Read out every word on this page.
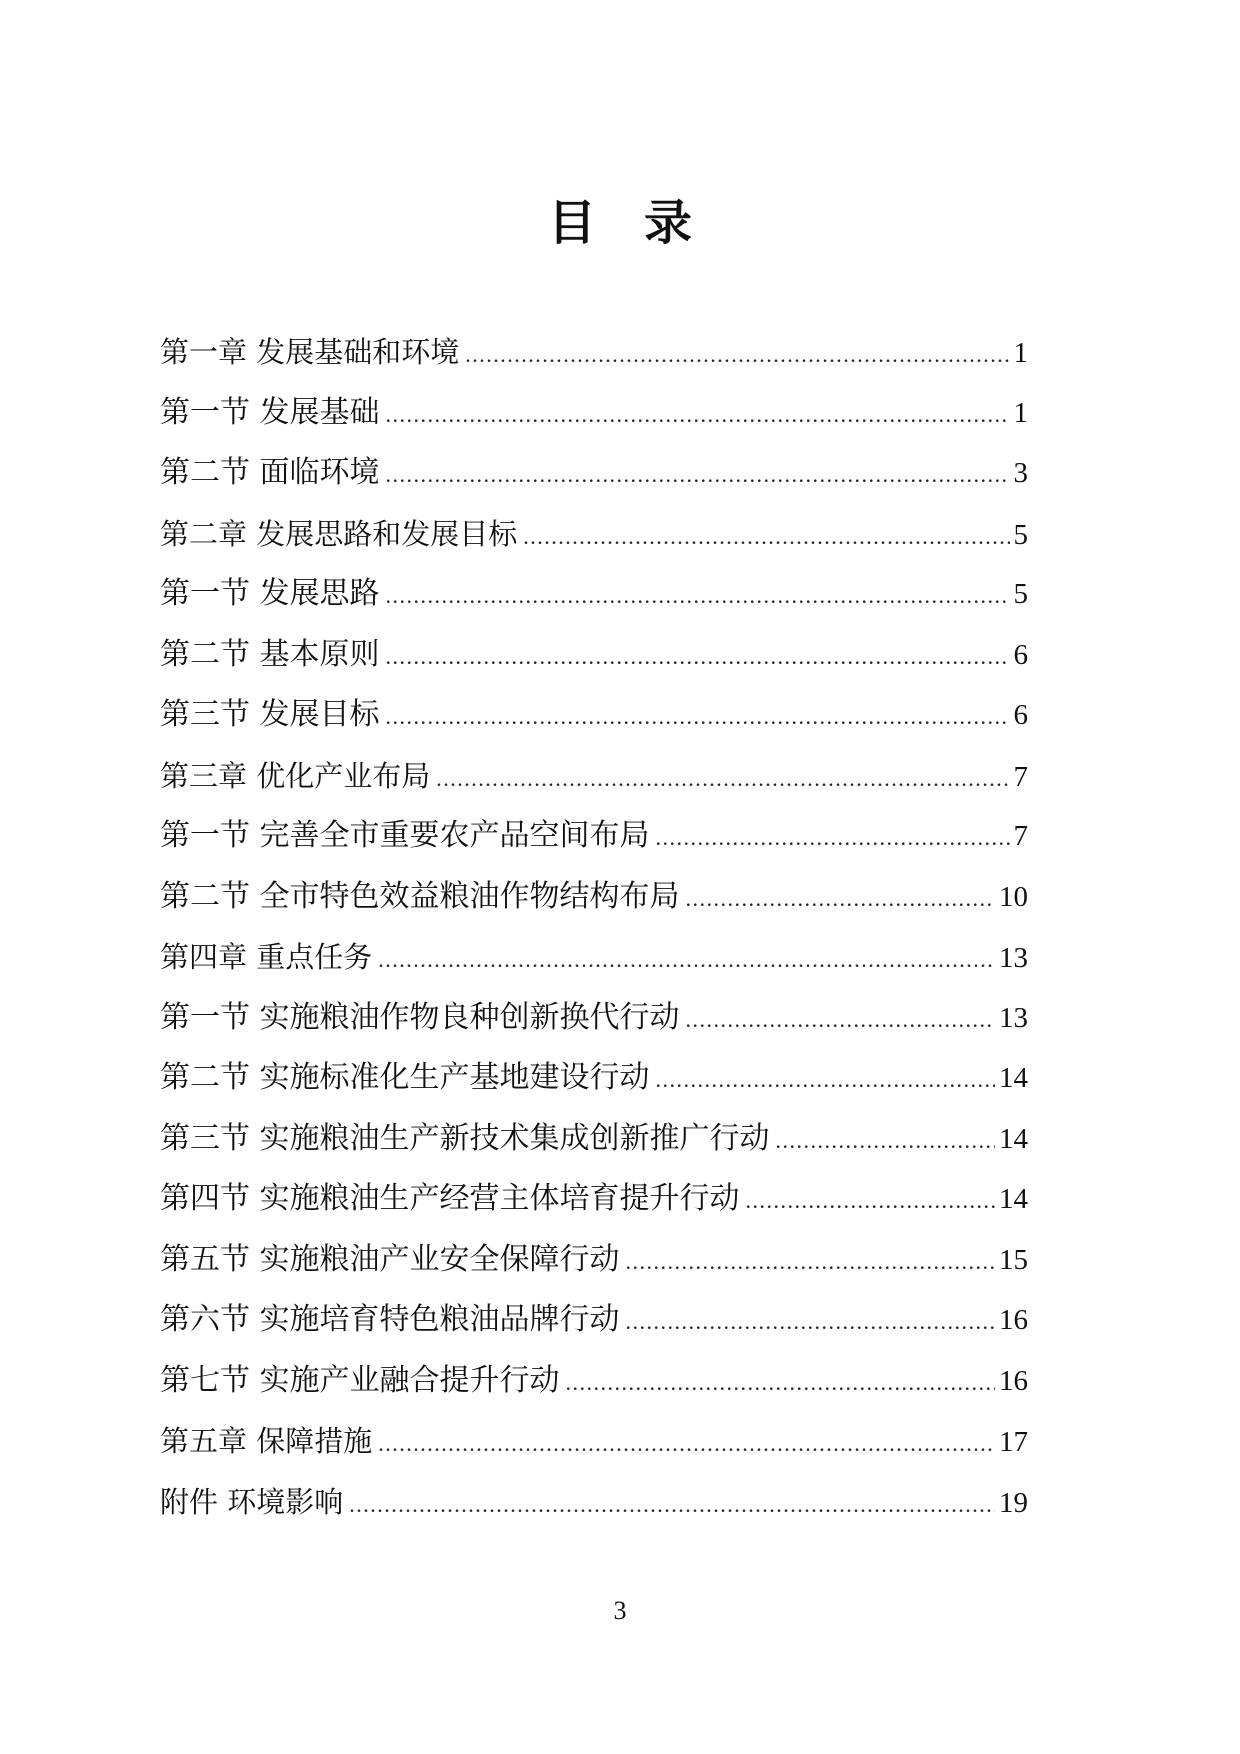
目　录
第一章 发展基础和环境 .....	1
第一节 发展基础 .....	1
第二节 面临环境 .....	3
第二章 发展思路和发展目标 .....	5
第一节 发展思路 .....	5
第二节 基本原则 .....	6
第三节 发展目标 .....	6
第三章 优化产业布局 .....	7
第一节 完善全市重要农产品空间布局 .....	7
第二节 全市特色效益粮油作物结构布局 .....	10
第四章 重点任务 .....	13
第一节 实施粮油作物良种创新换代行动 .....	13
第二节 实施标准化生产基地建设行动 .....	14
第三节 实施粮油生产新技术集成创新推广行动 .....	14
第四节 实施粮油生产经营主体培育提升行动 .....	14
第五节 实施粮油产业安全保障行动 .....	15
第六节 实施培育特色粮油品牌行动 .....	16
第七节 实施产业融合提升行动 .....	16
第五章 保障措施 .....	17
附件 环境影响 .....	19
3
